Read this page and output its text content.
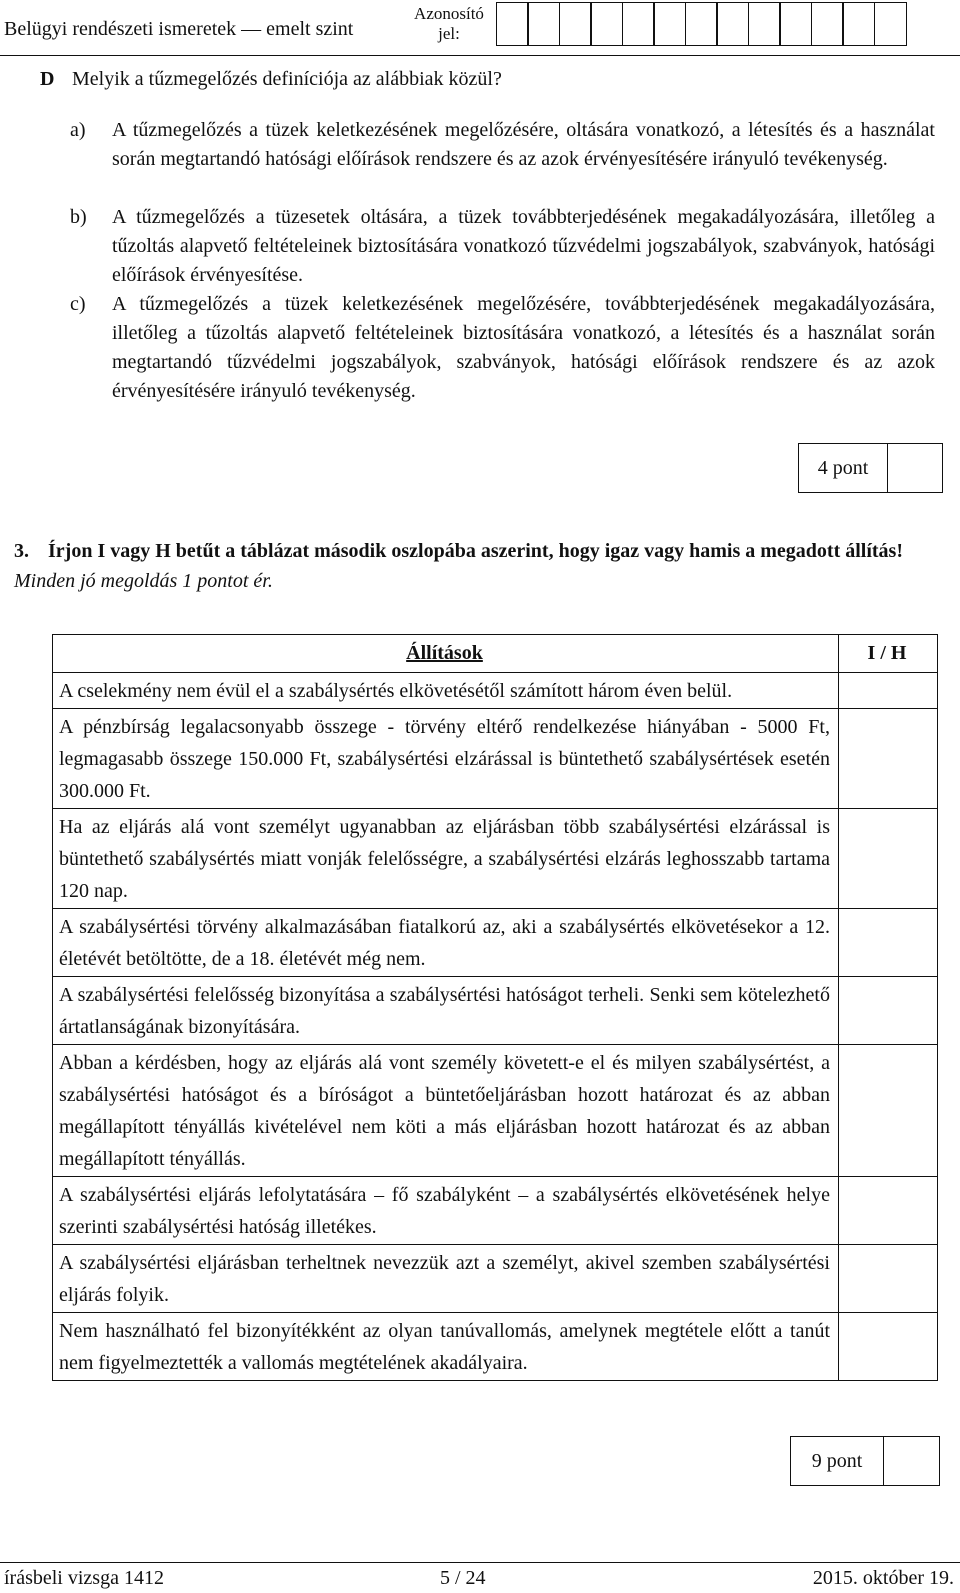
Belügyi rendészeti ismeretek — emelt szint
Azonosító
jel:
D Melyik a tűzmegelőzés definíciója az alábbiak közül?
a) A tűzmegelőzés a tüzek keletkezésének megelőzésére, oltására vonatkozó, a létesítés és a használat során megtartandó hatósági előírások rendszere és az azok érvényesítésére irányuló tevékenység.
b) A tűzmegelőzés a tüzesetek oltására, a tüzek továbbterjedésének megakadályozására, illetőleg a tűzoltás alapvető feltételeinek biztosítására vonatkozó tűzvédelmi jogszabályok, szabványok, hatósági előírások érvényesítése.
c) A tűzmegelőzés a tüzek keletkezésének megelőzésére, továbbterjedésének megakadályozására, illetőleg a tűzoltás alapvető feltételeinek biztosítására vonatkozó, a létesítés és a használat során megtartandó tűzvédelmi jogszabályok, szabványok, hatósági előírások rendszere és az azok érvényesítésére irányuló tevékenység.
4 pont
3. Írjon I vagy H betűt a táblázat második oszlopába aszerint, hogy igaz vagy hamis a megadott állítás! Minden jó megoldás 1 pontot ér.
Állítások	I / H
A cselekmény nem évül el a szabálysértés elkövetésétől számított három éven belül.	
A pénzbírság legalacsonyabb összege - törvény eltérő rendelkezése hiányában - 5000 Ft, legmagasabb összege 150.000 Ft, szabálysértési elzárással is büntethető szabálysértések esetén 300.000 Ft.	
Ha az eljárás alá vont személyt ugyanabban az eljárásban több szabálysértési elzárással is büntethető szabálysértés miatt vonják felelősségre, a szabálysértési elzárás leghosszabb tartama 120 nap.	
A szabálysértési törvény alkalmazásában fiatalkorú az, aki a szabálysértés elkövetésekor a 12. életévét betöltötte, de a 18. életévét még nem.	
A szabálysértési felelősség bizonyítása a szabálysértési hatóságot terheli. Senki sem kötelezhető ártatlanságának bizonyítására.	
Abban a kérdésben, hogy az eljárás alá vont személy követett-e el és milyen szabálysértést, a szabálysértési hatóságot és a bíróságot a büntetőeljárásban hozott határozat és az abban megállapított tényállás kivételével nem köti a más eljárásban hozott határozat és az abban megállapított tényállás.	
A szabálysértési eljárás lefolytatására – fő szabályként – a szabálysértés elkövetésének helye szerinti szabálysértési hatóság illetékes.	
A szabálysértési eljárásban terheltnek nevezzük azt a személyt, akivel szemben szabálysértési eljárás folyik.	
Nem használható fel bizonyítékként az olyan tanúvallomás, amelynek megtétele előtt a tanút nem figyelmeztették a vallomás megtételének akadályaira.	
9 pont
írásbeli vizsga 1412	5 / 24	2015. október 19.
